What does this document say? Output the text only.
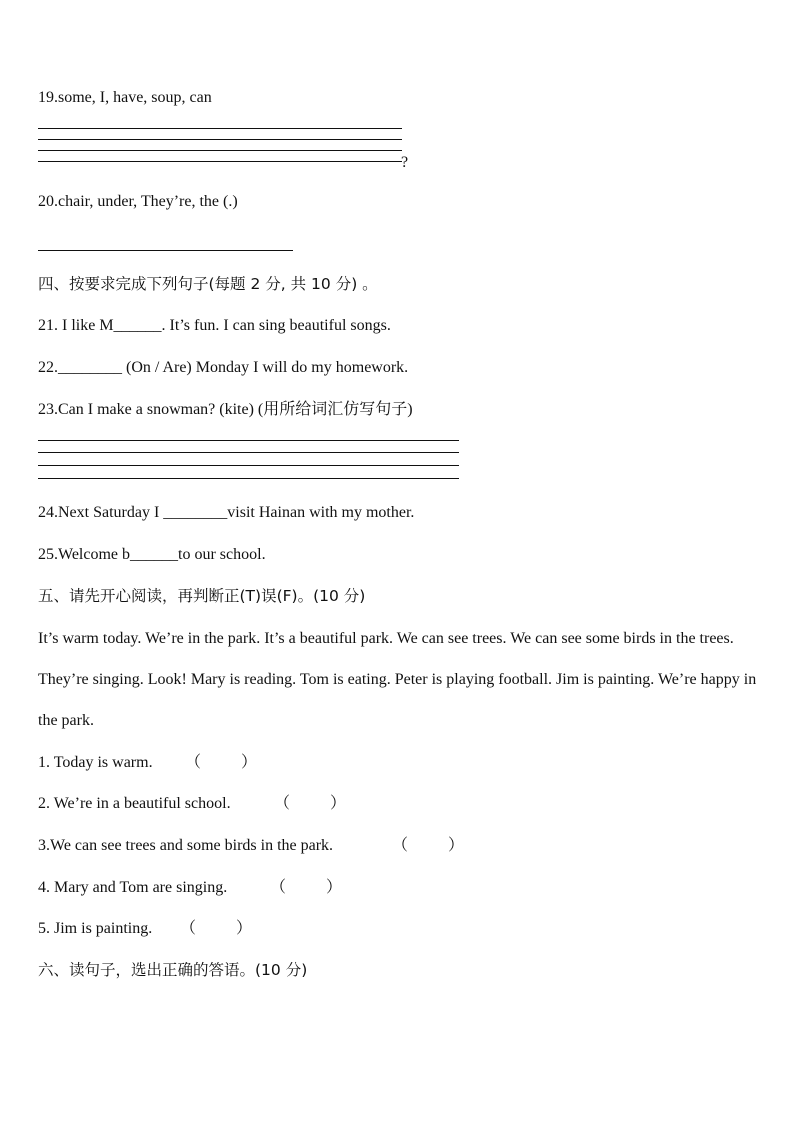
19.some, I, have, soup, can
?
20.chair, under, They’re, the (.)
四、按要求完成下列句子(每题 2 分, 共 10 分) 。
21. I like M______. It’s fun. I can sing beautiful songs.
22.________ (On / Are) Monday I will do my homework.
23.Can I make a snowman? (kite) (用所给词汇仿写句子)
24.Next Saturday I ________visit Hainan with my mother.
25.Welcome b______to our school.
五、请先开心阅读，再判断正(T)误(F)。(10 分)
It’s warm today. We’re in the park. It’s a beautiful park. We can see trees. We can see some birds in the trees. They’re singing. Look! Mary is reading. Tom is eating. Peter is playing football. Jim is painting. We’re happy in the park.
1. Today is warm. （          ）
2. We’re in a beautiful school.	（          ）
3.We can see trees and some birds in the park.	（          ）
4. Mary and Tom are singing.	（          ）
5. Jim is painting. （          ）
六、读句子，选出正确的答语。(10 分)
